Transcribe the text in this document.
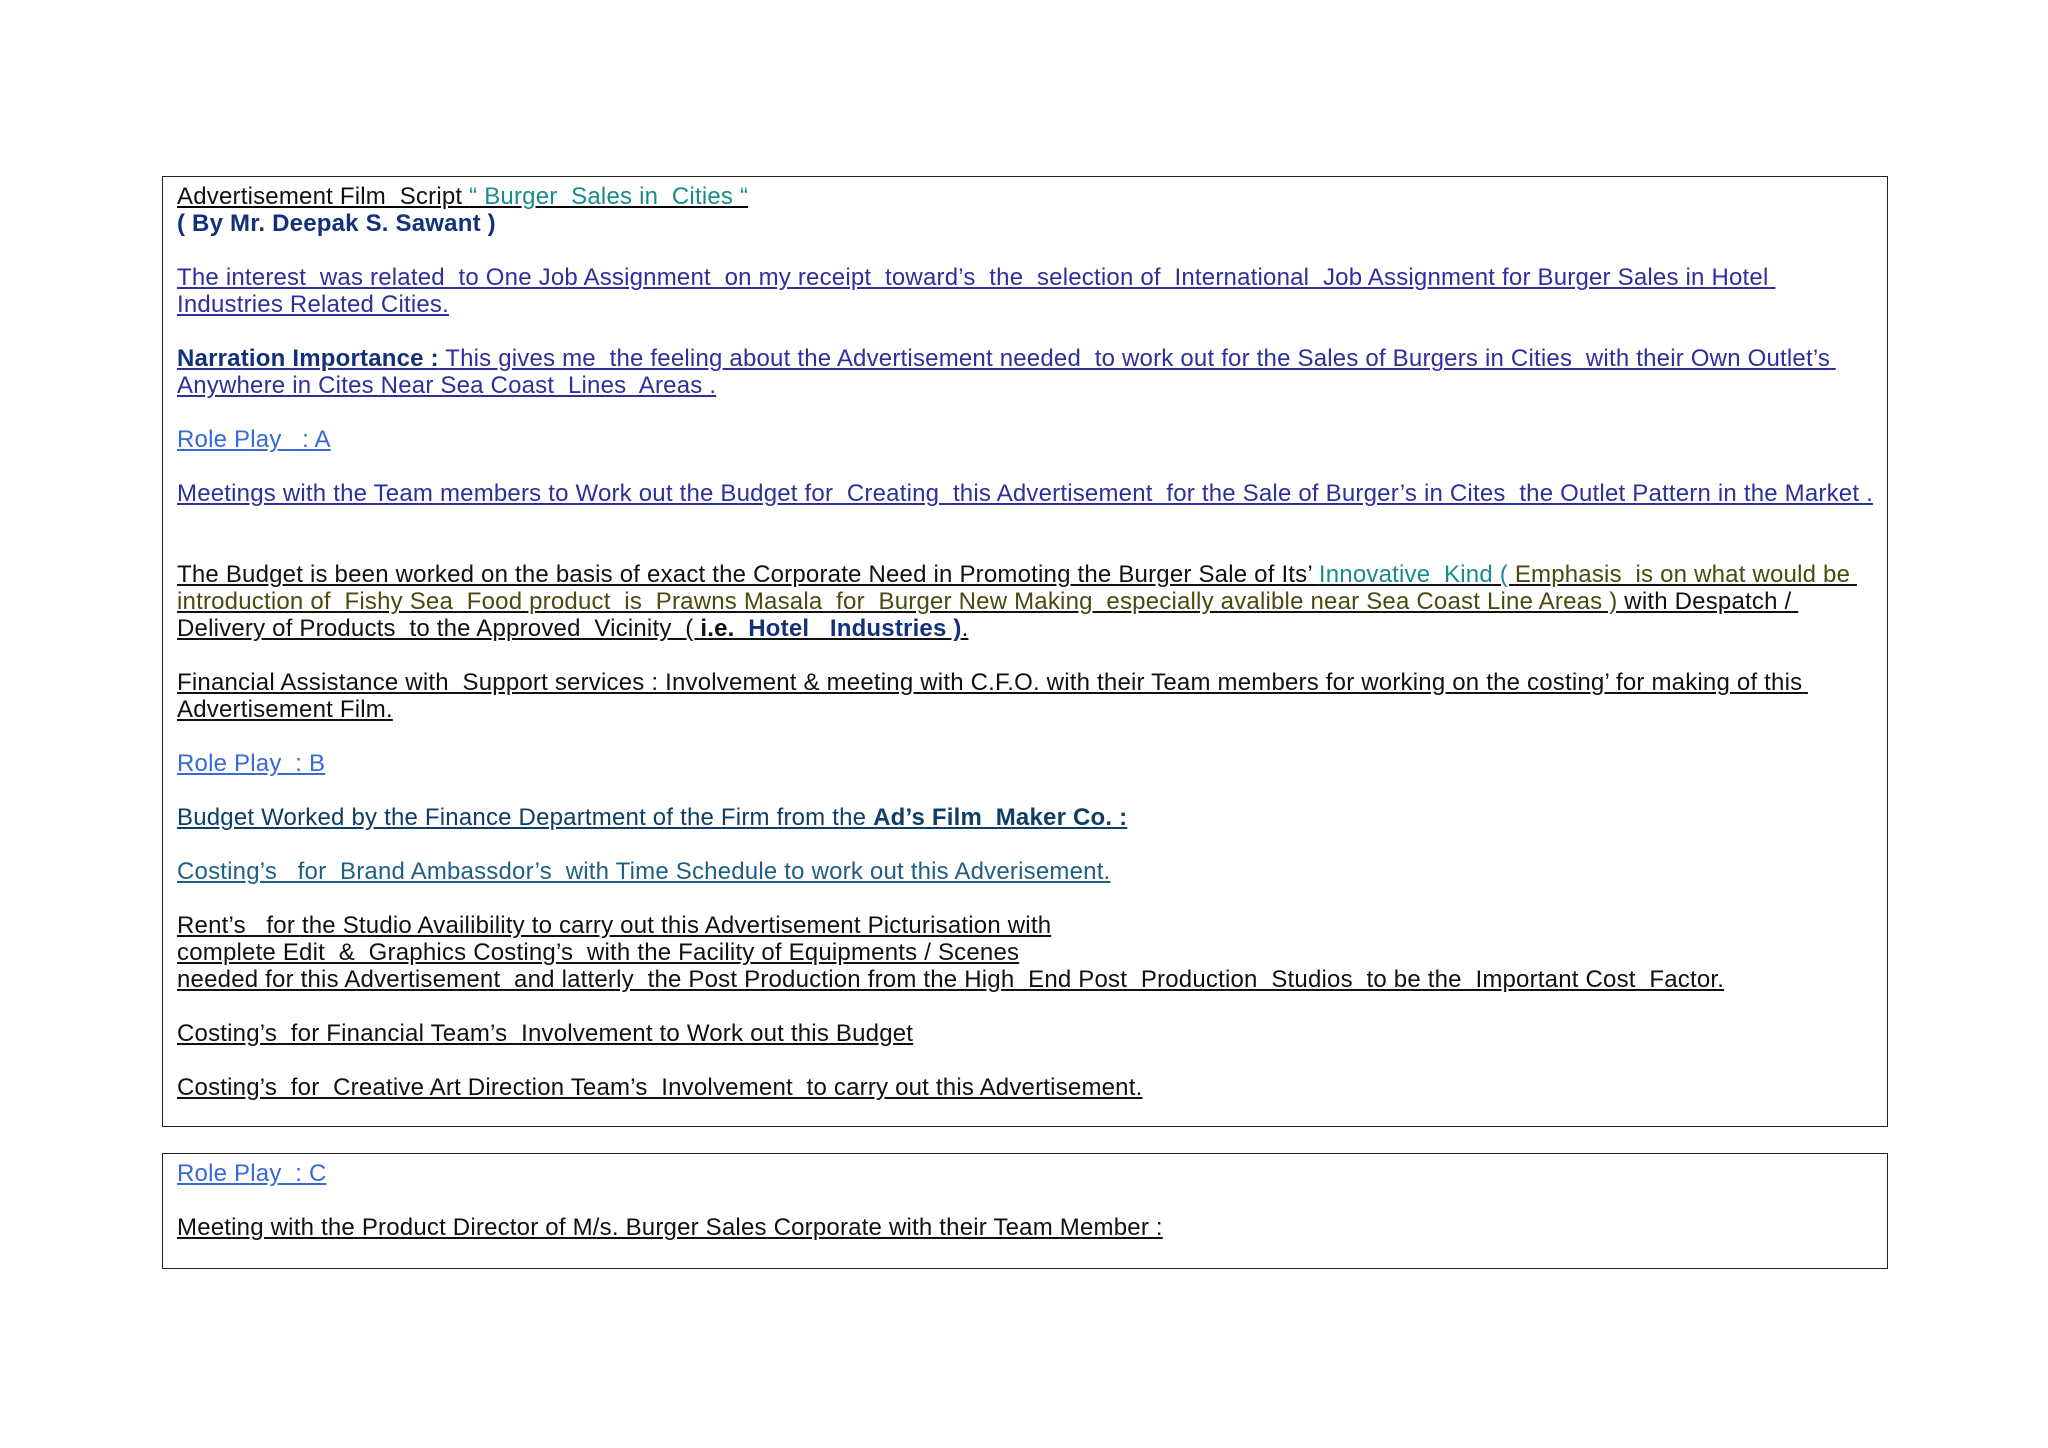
Advertisement Film  Script “ Burger  Sales in  Cities “
( By Mr. Deepak S. Sawant )
The interest  was related  to One Job Assignment  on my receipt  toward’s  the  selection of  International  Job Assignment for Burger Sales in Hotel Industries Related Cities.
Narration Importance : This gives me  the feeling about the Advertisement needed  to work out for the Sales of Burgers in Cities  with their Own Outlet’s Anywhere in Cites Near Sea Coast  Lines  Areas .
Role Play   : A
Meetings with the Team members to Work out the Budget for  Creating  this Advertisement  for the Sale of Burger’s in Cites  the Outlet Pattern in the Market .
The Budget is been worked on the basis of exact the Corporate Need in Promoting the Burger Sale of Its’ Innovative  Kind ( Emphasis  is on what would be introduction of  Fishy Sea  Food product  is  Prawns Masala  for  Burger New Making  especially avalible near Sea Coast Line Areas ) with Despatch / Delivery of Products  to the Approved  Vicinity  ( i.e.  Hotel   Industries ).
Financial Assistance with  Support services : Involvement & meeting with C.F.O. with their Team members for working on the costing’ for making of this Advertisement Film.
Role Play  : B
Budget Worked by the Finance Department of the Firm from the Ad’s Film  Maker Co. :
Costing’s   for  Brand Ambassdor’s  with Time Schedule to work out this Adverisement.
Rent’s   for the Studio Availibility to carry out this Advertisement Picturisation with
complete Edit  &  Graphics Costing’s  with the Facility of Equipments / Scenes
needed for this Advertisement  and latterly  the Post Production from the High  End Post  Production  Studios  to be the  Important Cost  Factor.
Costing’s  for Financial Team’s  Involvement to Work out this Budget
Costing’s  for  Creative Art Direction Team’s  Involvement  to carry out this Advertisement.
Role Play  : C
Meeting with the Product Director of M/s. Burger Sales Corporate with their Team Member :
